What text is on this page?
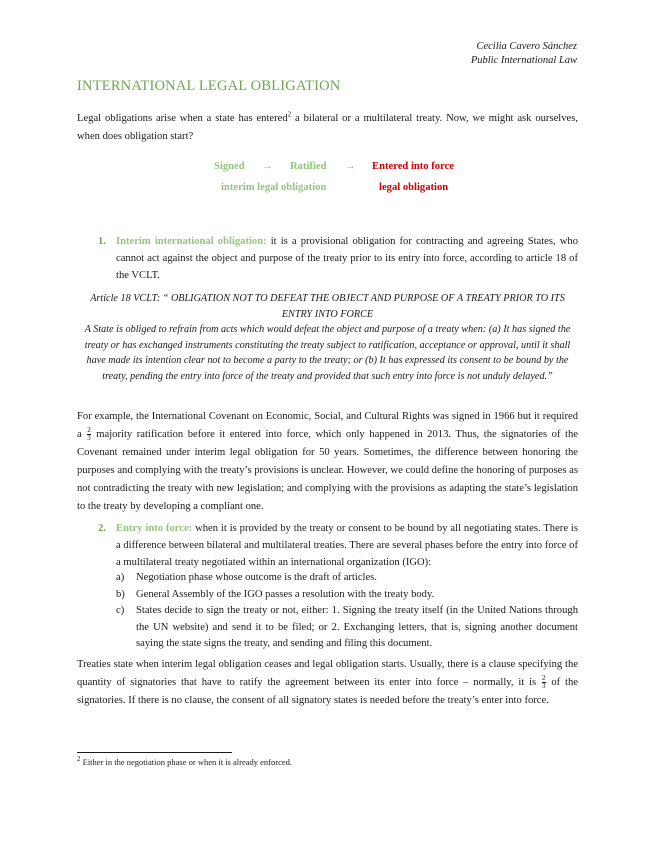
Cecilia Cavero Sánchez
Public International Law
INTERNATIONAL LEGAL OBLIGATION

Legal obligations arise when a state has entered$^2$ a bilateral or a multilateral treaty. Now, we might ask ourselves, when does obligation start?

Signed → Ratified → Entered into force
interim legal obligation	legal obligation
1. Interim international obligation: it is a provisional obligation for contracting and agreeing States, who cannot act against the object and purpose of the treaty prior to its entry into force, according to article 18 of the VCLT.
Article 18 VCLT: “ OBLIGATION NOT TO DEFEAT THE OBJECT AND PURPOSE OF A TREATY PRIOR TO ITS ENTRY INTO FORCE
A State is obliged to refrain from acts which would defeat the object and purpose of a treaty when: (a) It has signed the treaty or has exchanged instruments constituting the treaty subject to ratification, acceptance or approval, until it shall have made its intention clear not to become a party to the treaty; or (b) It has expressed its consent to be bound by the treaty, pending the entry into force of the treaty and provided that such entry into force is not unduly delayed.”

For example, the International Covenant on Economic, Social, and Cultural Rights was signed in 1966 but it required a $\frac{2}{3}$ majority ratification before it entered into force, which only happened in 2013. Thus, the signatories of the Covenant remained under interim legal obligation for 50 years. Sometimes, the difference between honoring the purposes and complying with the treaty’s provisions is unclear. However, we could define the honoring of purposes as not contradicting the treaty with new legislation; and complying with the provisions as adapting the state’s legislation to the treaty by developing a compliant one.

2. Entry into force: when it is provided by the treaty or consent to be bound by all negotiating states. There is a difference between bilateral and multilateral treaties. There are several phases before the entry into force of a multilateral treaty negotiated within an international organization (IGO):
a) Negotiation phase whose outcome is the draft of articles.
b) General Assembly of the IGO passes a resolution with the treaty body.
c) States decide to sign the treaty or not, either: 1. Signing the treaty itself (in the United Nations through the UN website) and send it to be filed; or 2. Exchanging letters, that is, signing another document saying the state signs the treaty, and sending and filing this document.

Treaties state when interim legal obligation ceases and legal obligation starts. Usually, there is a clause specifying the quantity of signatories that have to ratify the agreement between its enter into force – normally, it is $\frac{2}{3}$ of the signatories. If there is no clause, the consent of all signatory states is needed before the treaty’s enter into force.

$^2$ Either in the negotiation phase or when it is already enforced.
